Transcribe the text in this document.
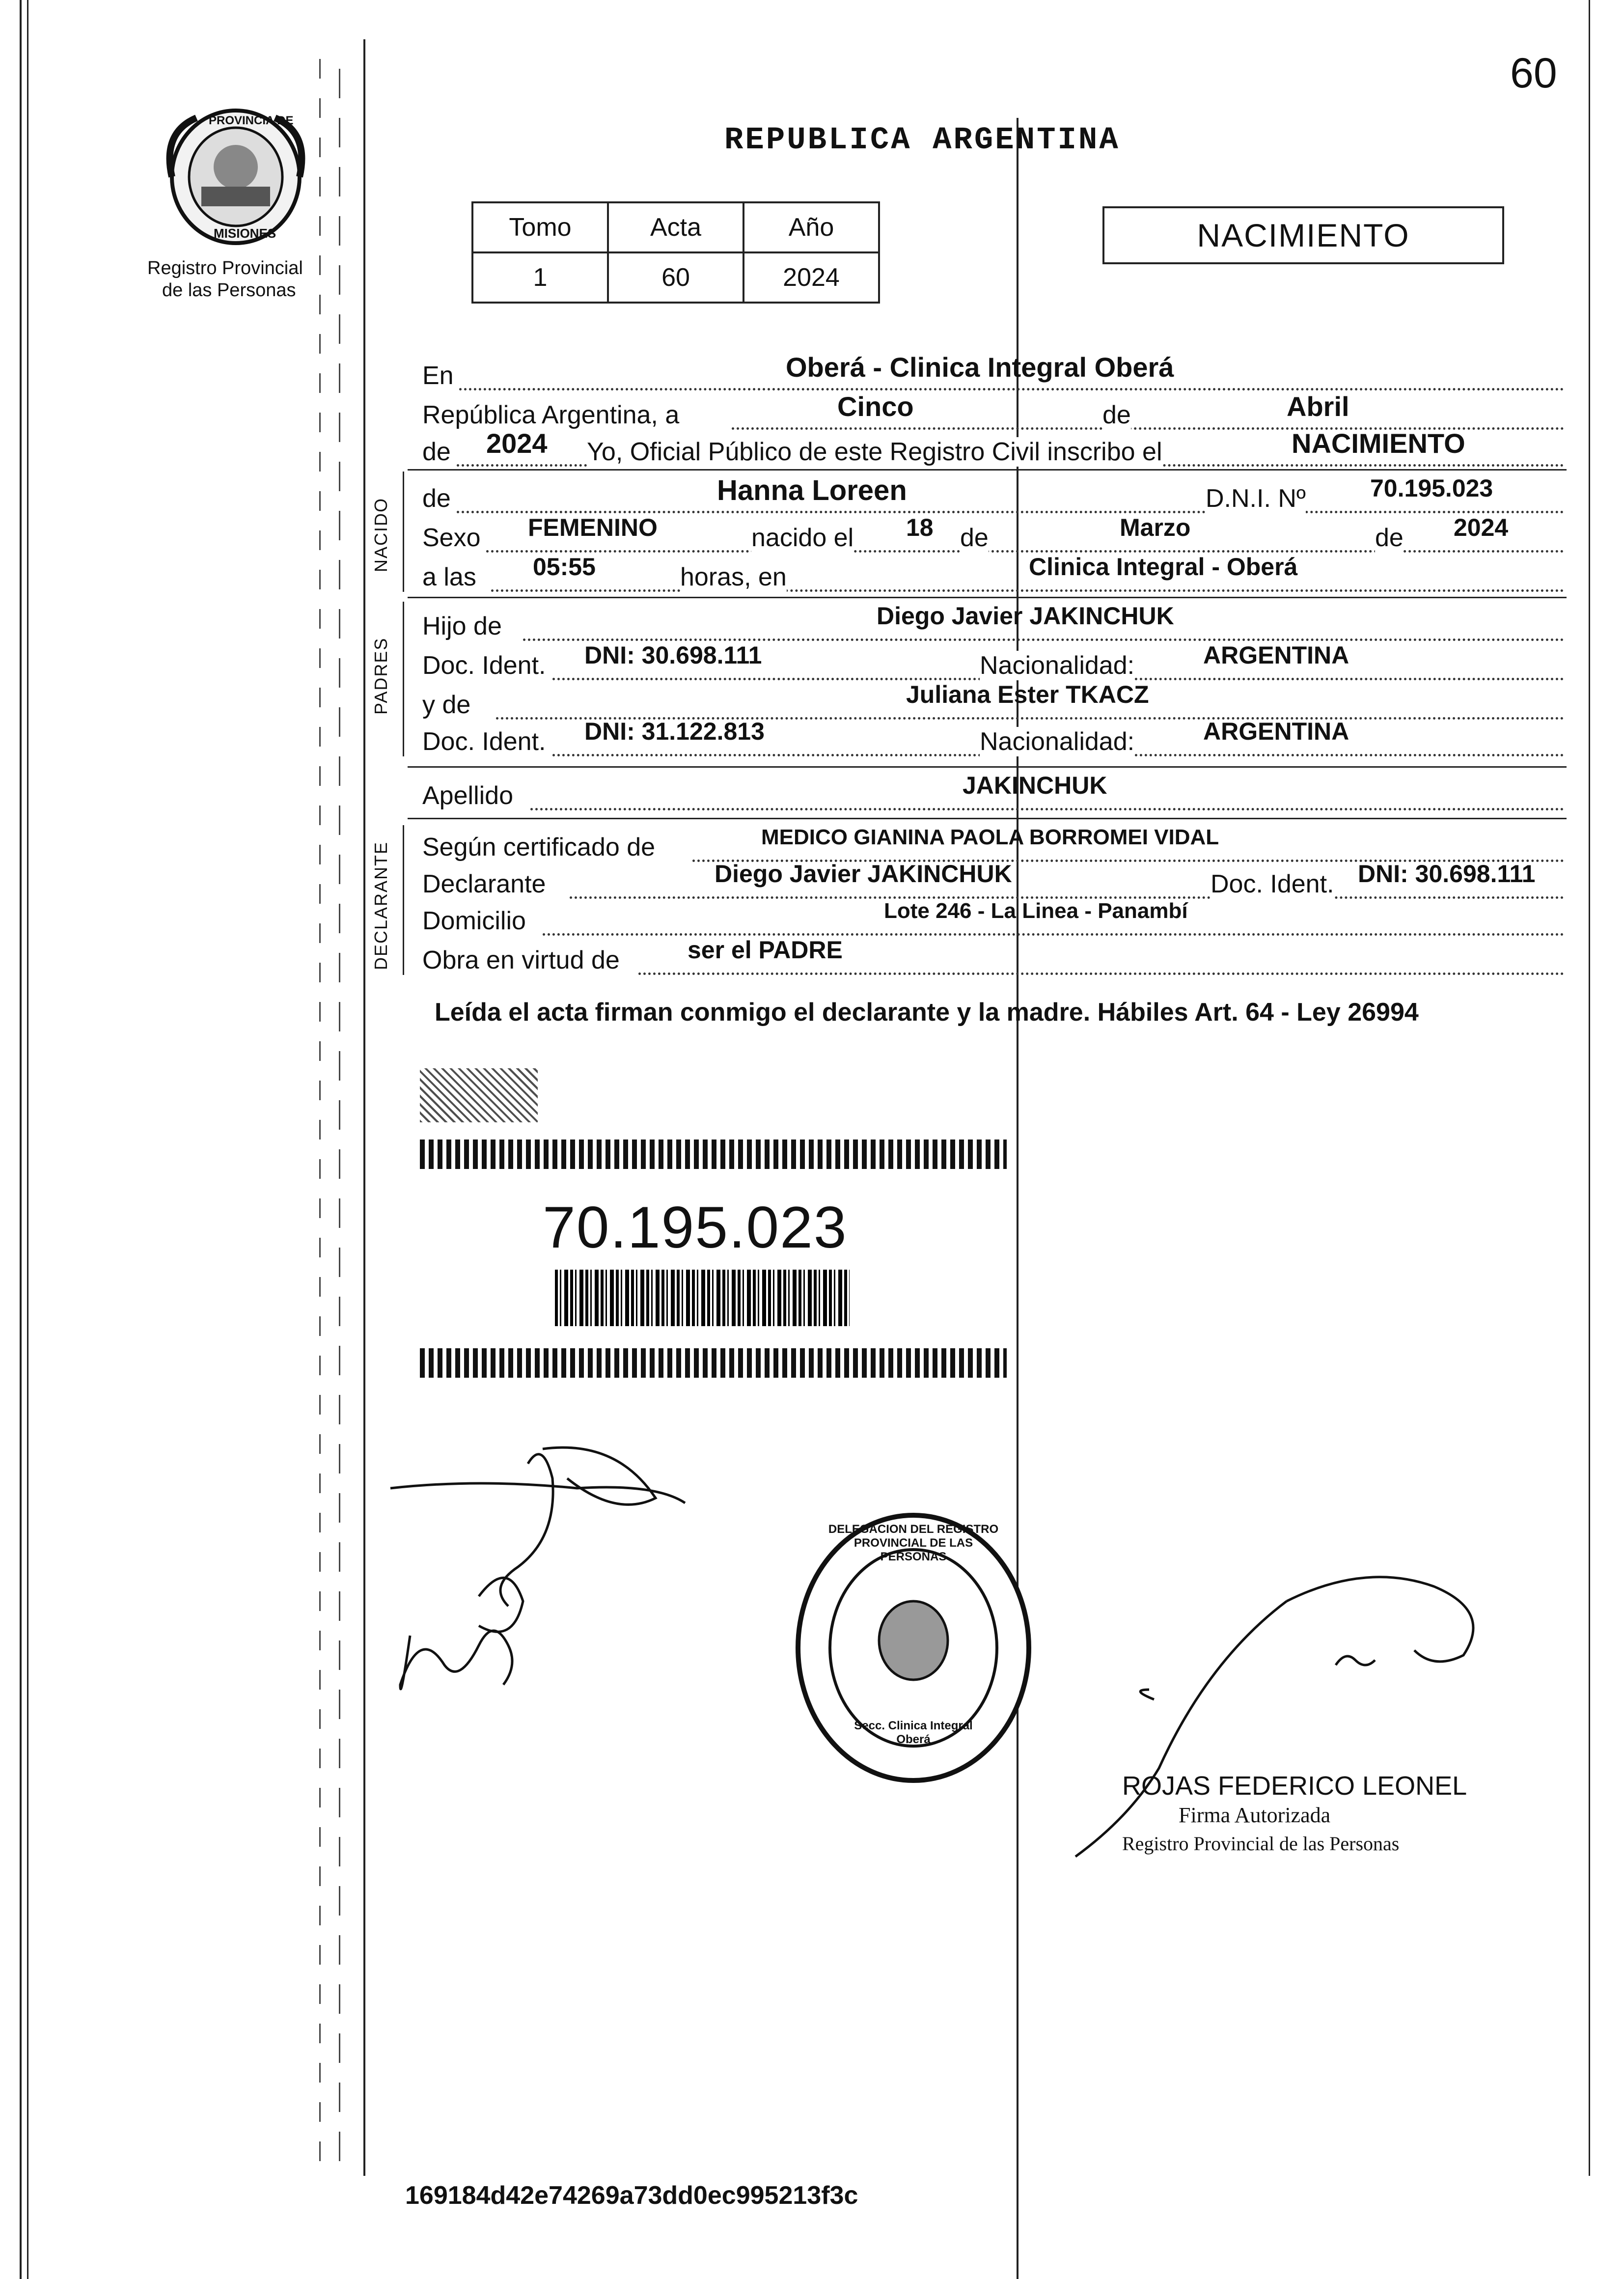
60
PROVINCIA DE
MISIONES
Registro Provincial
de las Personas
REPUBLICA ARGENTINA
Tomo	Acta	Año
1	60	2024
NACIMIENTO
En	Oberá - Clinica Integral Oberá
República Argentina, a	Cinco	de	Abril
de 2024 Yo, Oficial Público de este Registro Civil inscribo el	NACIMIENTO
NACIDO de	Hanna Loreen	D.N.I. Nº	70.195.023
Sexo FEMENINO	nacido el 18 de	Marzo	de 2024
a las 05:55	horas, en	Clinica Integral - Oberá
PADRES
Hijo de	Diego Javier JAKINCHUK
Doc. Ident. DNI: 30.698.111	Nacionalidad:	ARGENTINA
y de	Juliana Ester TKACZ
Doc. Ident. DNI: 31.122.813	Nacionalidad:	ARGENTINA
Apellido	JAKINCHUK
DECLARANTE Según certificado de	MEDICO GIANINA PAOLA BORROMEI VIDAL
Declarante	Diego Javier JAKINCHUK	Doc. Ident. DNI: 30.698.111
Domicilio	Lote 246 - La Linea - Panambí
Obra en virtud de	ser el PADRE
Leída el acta firman conmigo el declarante y la madre. Hábiles Art. 64 - Ley 26994
70.195.023
DELEGACION DEL REGISTRO PROVINCIAL DE LAS PERSONAS
Secc. Clinica Integral Oberá
ROJAS FEDERICO LEONEL
Firma Autorizada
Registro Provincial de las Personas
169184d42e74269a73dd0ec995213f3c
